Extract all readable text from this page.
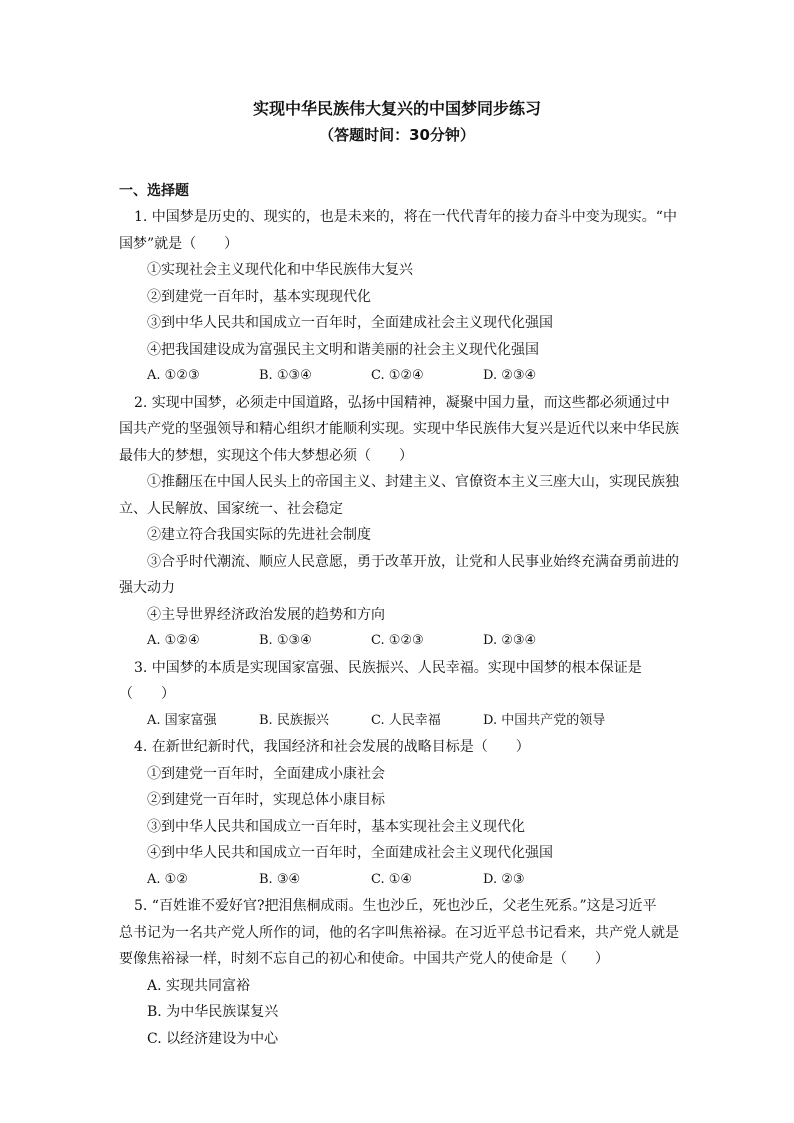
实现中华民族伟大复兴的中国梦同步练习
（答题时间：30分钟）
一、选择题
1. 中国梦是历史的、现实的，也是未来的，将在一代代青年的接力奋斗中变为现实。“中
国梦”就是（　　）
①实现社会主义现代化和中华民族伟大复兴
②到建党一百年时，基本实现现代化
③到中华人民共和国成立一百年时，全面建成社会主义现代化强国
④把我国建设成为富强民主文明和谐美丽的社会主义现代化强国
A. ①②③	B. ①③④	C. ①②④	D. ②③④
2. 实现中国梦，必须走中国道路，弘扬中国精神，凝聚中国力量，而这些都必须通过中
国共产党的坚强领导和精心组织才能顺利实现。实现中华民族伟大复兴是近代以来中华民族
最伟大的梦想，实现这个伟大梦想必须（　　）
①推翻压在中国人民头上的帝国主义、封建主义、官僚资本主义三座大山，实现民族独
立、人民解放、国家统一、社会稳定
②建立符合我国实际的先进社会制度
③合乎时代潮流、顺应人民意愿，勇于改革开放，让党和人民事业始终充满奋勇前进的
强大动力
④主导世界经济政治发展的趋势和方向
A. ①②④	B. ①③④	C. ①②③	D. ②③④
3. 中国梦的本质是实现国家富强、民族振兴、人民幸福。实现中国梦的根本保证是（　　）
A. 国家富强	B. 民族振兴	C. 人民幸福	D. 中国共产党的领导
4. 在新世纪新时代，我国经济和社会发展的战略目标是（　　）
①到建党一百年时，全面建成小康社会
②到建党一百年时，实现总体小康目标
③到中华人民共和国成立一百年时，基本实现社会主义现代化
④到中华人民共和国成立一百年时，全面建成社会主义现代化强国
A. ①②	B. ③④	C. ①④	D. ②③
5. “百姓谁不爱好官?把泪焦桐成雨。生也沙丘，死也沙丘，父老生死系。”这是习近平
总书记为一名共产党人所作的词，他的名字叫焦裕禄。在习近平总书记看来，共产党人就是
要像焦裕禄一样，时刻不忘自己的初心和使命。中国共产党人的使命是（　　）
A. 实现共同富裕
B. 为中华民族谋复兴
C. 以经济建设为中心
